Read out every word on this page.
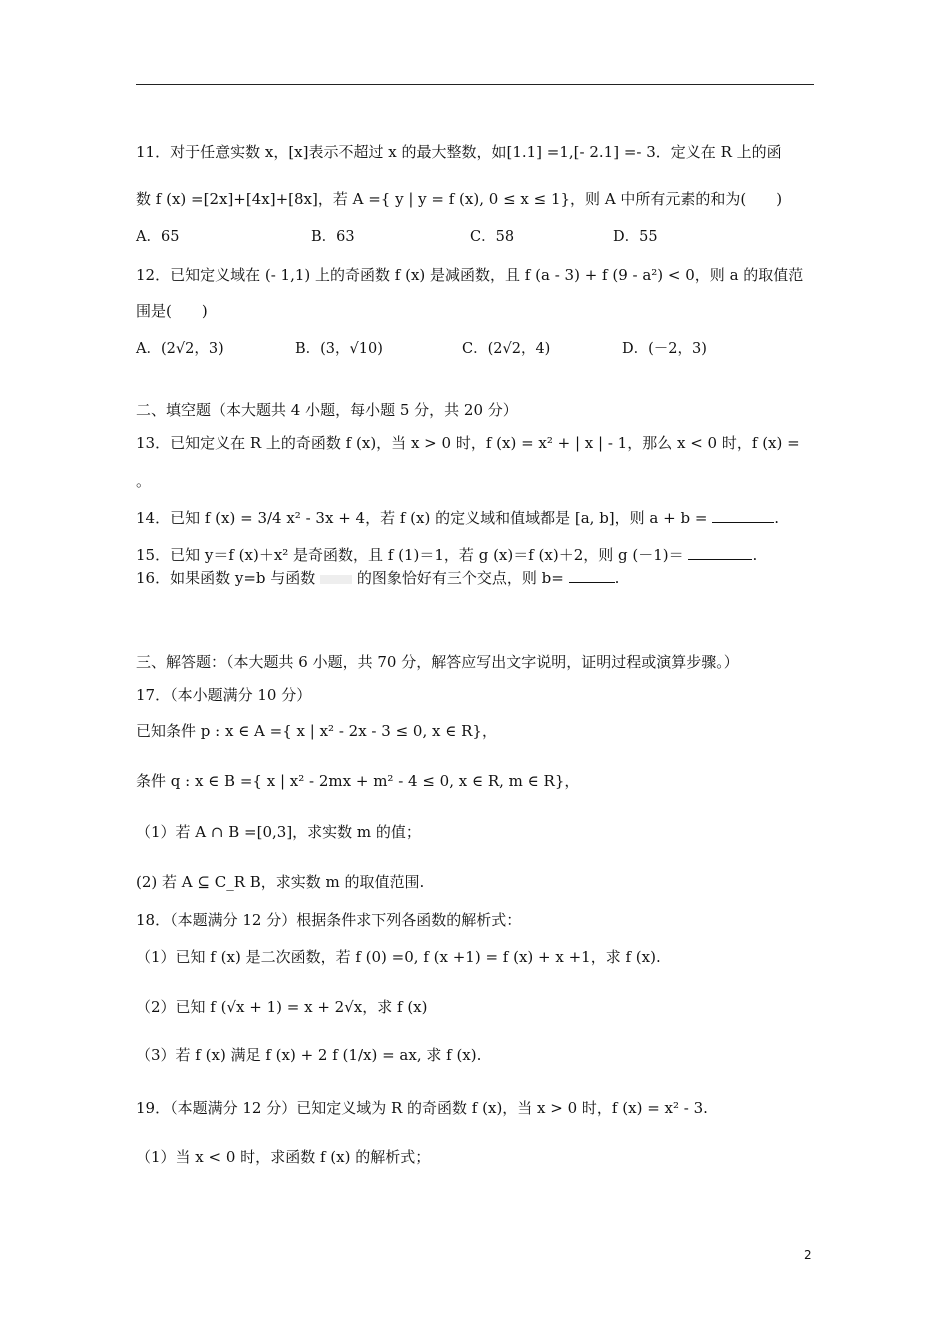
11．对于任意实数 x，[x]表示不超过 x 的最大整数，如[1.1] =1,[- 2.1] =- 3．定义在 R 上的函
数 f (x) =[2x]+[4x]+[8x]，若 A ={ y | y = f (x), 0 ≤ x ≤ 1}，则 A 中所有元素的和为(　　)
A．65	B．63	C．58	D．55
12．已知定义域在 (- 1,1) 上的奇函数 f (x) 是减函数，且 f (a - 3) + f (9 - a²) < 0，则 a 的取值范
围是(　　)
A．(2√2，3)	B．(3，√10)	C．(2√2，4)	D．(－2，3)
二、填空题（本大题共 4 小题，每小题 5 分，共 20 分）
13．已知定义在 R 上的奇函数 f (x)，当 x > 0 时，f (x) = x² + | x | - 1，那么 x < 0 时，f (x) =
。
14．已知 f (x) = 3/4 x² - 3x + 4，若 f (x) 的定义域和值域都是 [a, b]，则 a + b =	.
15．已知 y＝f (x)＋x² 是奇函数，且 f (1)＝1，若 g (x)＝f (x)＋2，则 g (－1)＝	.
16．如果函数 y=b 与函数	的图象恰好有三个交点，则 b=	.
三、解答题：（本大题共 6 小题，共 70 分，解答应写出文字说明，证明过程或演算步骤。）
17．（本小题满分 10 分）
已知条件 p : x ∈ A ={ x | x² - 2x - 3 ≤ 0, x ∈ R}，
条件 q : x ∈ B ={ x | x² - 2mx + m² - 4 ≤ 0, x ∈ R, m ∈ R}，
（1）若 A ∩ B =[0,3]，求实数 m 的值；
(2) 若 A ⊆ C_R B，求实数 m 的取值范围.
18．（本题满分 12 分）根据条件求下列各函数的解析式：
（1）已知 f (x) 是二次函数，若 f (0) =0, f (x +1) = f (x) + x +1，求 f (x).
（2）已知 f (√x + 1) = x + 2√x，求 f (x)
（3）若 f (x) 满足 f (x) + 2 f (1/x) = ax, 求 f (x).
19．（本题满分 12 分）已知定义域为 R 的奇函数 f (x)，当 x > 0 时，f (x) = x² - 3.
（1）当 x < 0 时，求函数 f (x) 的解析式；
2
